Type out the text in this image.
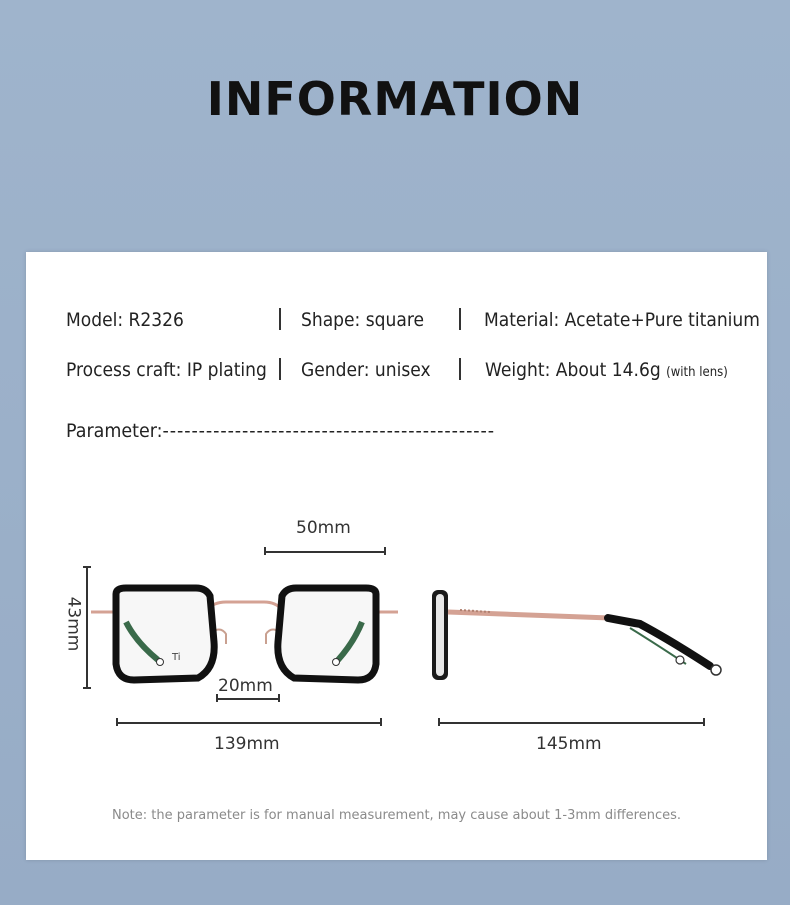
INFORMATION
Model: R2326	Shape: square	Material: Acetate+Pure titanium
Process craft: IP plating Gender: unisex	Weight: About 14.6g (with lens)
Parameter:----------------------------------------------
50mm
43mm
Ti
20mm
139mm	145mm
Note: the parameter is for manual measurement, may cause about 1-3mm differences.
